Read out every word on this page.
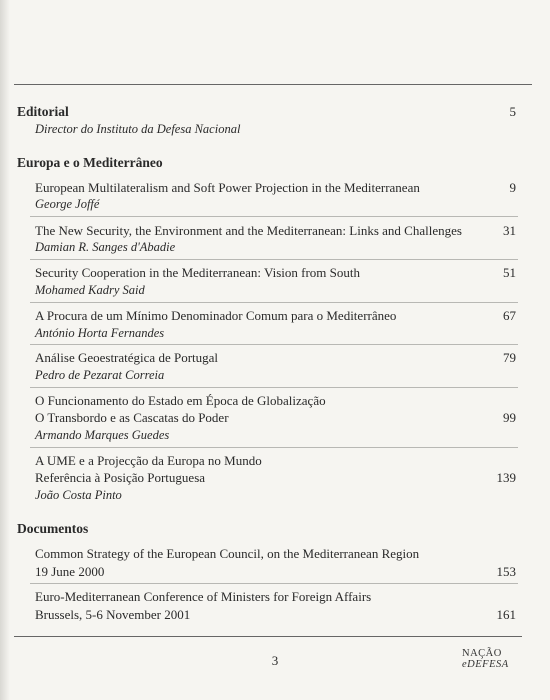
Editorial	5
Director do Instituto da Defesa Nacional
Europa e o Mediterrâneo
European Multilateralism and Soft Power Projection in the Mediterranean	9
George Joffé
The New Security, the Environment and the Mediterranean: Links and Challenges	31
Damian R. Sanges d'Abadie
Security Cooperation in the Mediterranean: Vision from South	51
Mohamed Kadry Said
A Procura de um Mínimo Denominador Comum para o Mediterrâneo	67
António Horta Fernandes
Análise Geoestratégica de Portugal	79
Pedro de Pezarat Correia
O Funcionamento do Estado em Época de Globalização
O Transbordo e as Cascatas do Poder	99
Armando Marques Guedes
A UME e a Projecção da Europa no Mundo
Referência à Posição Portuguesa	139
João Costa Pinto
Documentos
Common Strategy of the European Council, on the Mediterranean Region
19 June 2000	153
Euro-Mediterranean Conference of Ministers for Foreign Affairs
Brussels, 5-6 November 2001	161
3	NAÇÃO
eDEFESA
